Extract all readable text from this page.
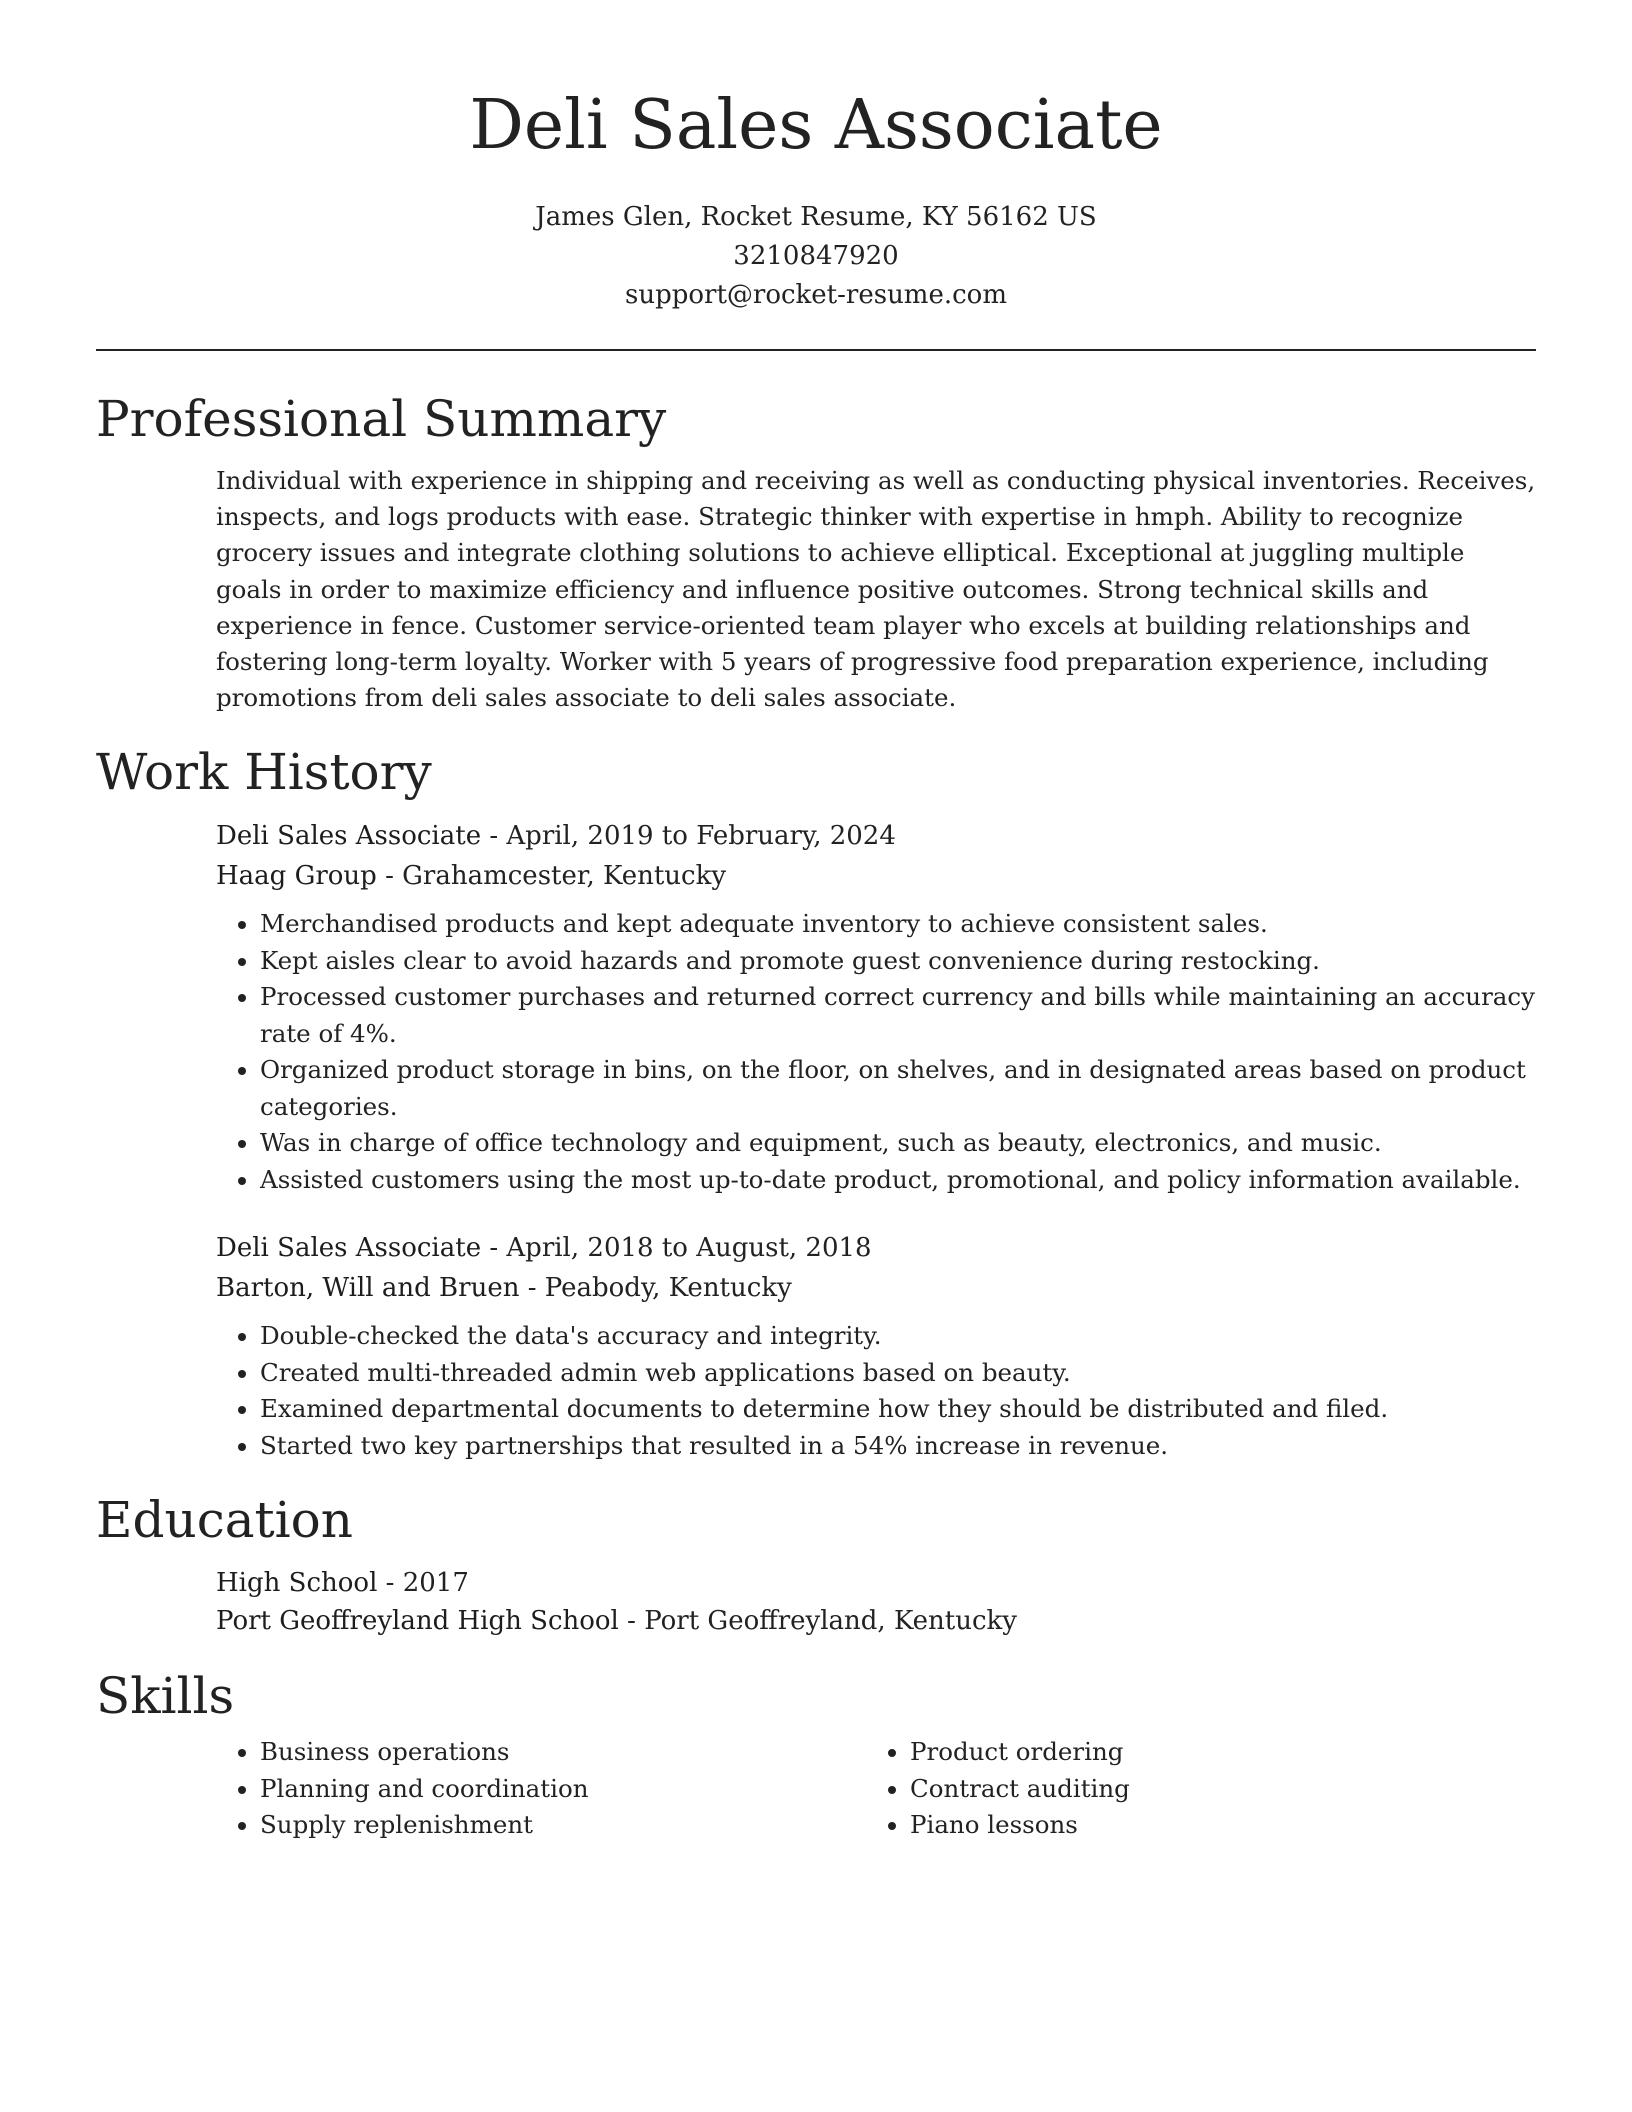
Deli Sales Associate
James Glen, Rocket Resume, KY 56162 US
3210847920
support@rocket-resume.com
Professional Summary
Individual with experience in shipping and receiving as well as conducting physical inventories. Receives, inspects, and logs products with ease. Strategic thinker with expertise in hmph. Ability to recognize grocery issues and integrate clothing solutions to achieve elliptical. Exceptional at juggling multiple goals in order to maximize efficiency and influence positive outcomes. Strong technical skills and experience in fence. Customer service-oriented team player who excels at building relationships and fostering long-term loyalty. Worker with 5 years of progressive food preparation experience, including promotions from deli sales associate to deli sales associate.
Work History
Deli Sales Associate - April, 2019 to February, 2024
Haag Group - Grahamcester, Kentucky
• Merchandised products and kept adequate inventory to achieve consistent sales.
• Kept aisles clear to avoid hazards and promote guest convenience during restocking.
• Processed customer purchases and returned correct currency and bills while maintaining an accuracy rate of 4%.
• Organized product storage in bins, on the floor, on shelves, and in designated areas based on product categories.
• Was in charge of office technology and equipment, such as beauty, electronics, and music.
• Assisted customers using the most up-to-date product, promotional, and policy information available.
Deli Sales Associate - April, 2018 to August, 2018
Barton, Will and Bruen - Peabody, Kentucky
• Double-checked the data's accuracy and integrity.
• Created multi-threaded admin web applications based on beauty.
• Examined departmental documents to determine how they should be distributed and filed.
• Started two key partnerships that resulted in a 54% increase in revenue.
Education
High School - 2017
Port Geoffreyland High School - Port Geoffreyland, Kentucky
Skills
• Business operations
• Planning and coordination
• Supply replenishment
• Product ordering
• Contract auditing
• Piano lessons
